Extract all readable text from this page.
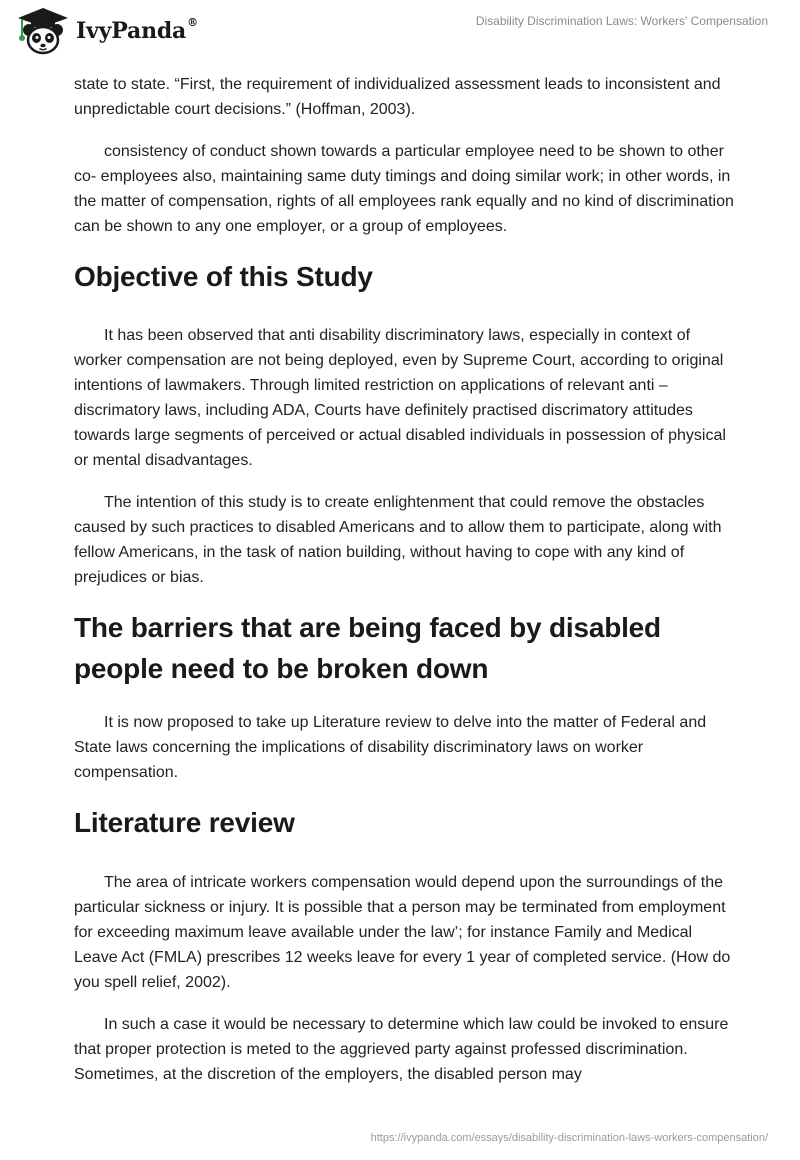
IvyPanda®	Disability Discrimination Laws: Workers' Compensation

state to state. “First, the requirement of individualized assessment leads to inconsistent and unpredictable court decisions.” (Hoffman, 2003).

consistency of conduct shown towards a particular employee need to be shown to other co- employees also, maintaining same duty timings and doing similar work; in other words, in the matter of compensation, rights of all employees rank equally and no kind of discrimination can be shown to any one employer, or a group of employees.

Objective of this Study

It has been observed that anti disability discriminatory laws, especially in context of worker compensation are not being deployed, even by Supreme Court, according to original intentions of lawmakers. Through limited restriction on applications of relevant anti – discrimatory laws, including ADA, Courts have definitely practised discrimatory attitudes towards large segments of perceived or actual disabled individuals in possession of physical or mental disadvantages.

The intention of this study is to create enlightenment that could remove the obstacles caused by such practices to disabled Americans and to allow them to participate, along with fellow Americans, in the task of nation building, without having to cope with any kind of prejudices or bias.

The barriers that are being faced by disabled people need to be broken down

It is now proposed to take up Literature review to delve into the matter of Federal and State laws concerning the implications of disability discriminatory laws on worker compensation.

Literature review

The area of intricate workers compensation would depend upon the surroundings of the particular sickness or injury. It is possible that a person may be terminated from employment for exceeding maximum leave available under the law’; for instance Family and Medical Leave Act (FMLA) prescribes 12 weeks leave for every 1 year of completed service. (How do you spell relief, 2002).

In such a case it would be necessary to determine which law could be invoked to ensure that proper protection is meted to the aggrieved party against professed discrimination. Sometimes, at the discretion of the employers, the disabled person may

https://ivypanda.com/essays/disability-discrimination-laws-workers-compensation/
